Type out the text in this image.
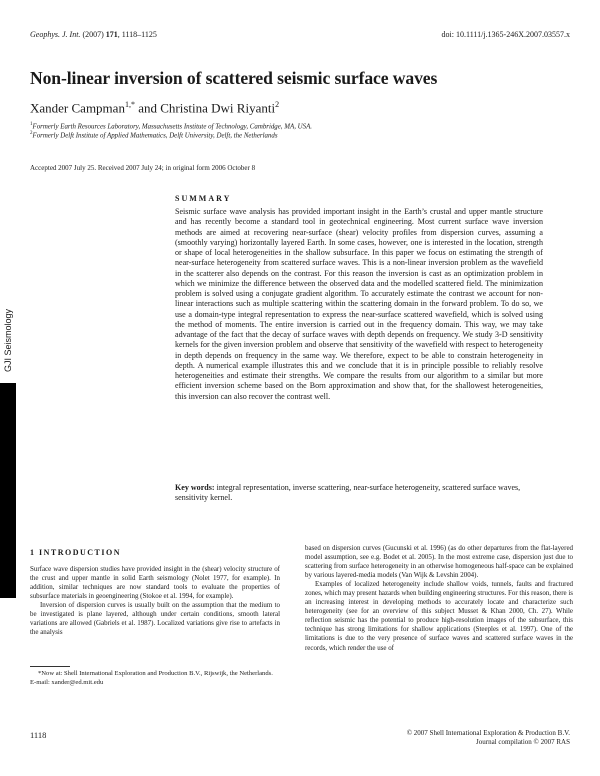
Geophys. J. Int. (2007) 171, 1118–1125	doi: 10.1111/j.1365-246X.2007.03557.x
Non-linear inversion of scattered seismic surface waves
Xander Campman$^{1,*}$ and Christina Dwi Riyanti$^2$
$^1$Formerly Earth Resources Laboratory, Massachusetts Institute of Technology, Cambridge, MA, USA.
$^2$Formerly Delft Institute of Applied Mathematics, Delft University, Delft, the Netherlands
Accepted 2007 July 25. Received 2007 July 24; in original form 2006 October 8
GJI Seismology
SUMMARY
Seismic surface wave analysis has provided important insight in the Earth’s crustal and upper mantle structure and has recently become a standard tool in geotechnical engineering. Most current surface wave inversion methods are aimed at recovering near-surface (shear) velocity profiles from dispersion curves, assuming a (smoothly varying) horizontally layered Earth. In some cases, however, one is interested in the location, strength or shape of local heterogeneities in the shallow subsurface. In this paper we focus on estimating the strength of near-surface heterogeneity from scattered surface waves. This is a non-linear inversion problem as the wavefield in the scatterer also depends on the contrast. For this reason the inversion is cast as an optimization problem in which we minimize the difference between the observed data and the modelled scattered field. The minimization problem is solved using a conjugate gradient algorithm. To accurately estimate the contrast we account for non-linear interactions such as multiple scattering within the scattering domain in the forward problem. To do so, we use a domain-type integral representation to express the near-surface scattered wavefield, which is solved using the method of moments. The entire inversion is carried out in the frequency domain. This way, we may take advantage of the fact that the decay of surface waves with depth depends on frequency. We study 3-D sensitivity kernels for the given inversion problem and observe that sensitivity of the wavefield with respect to heterogeneity in depth depends on frequency in the same way. We therefore, expect to be able to constrain heterogeneity in depth. A numerical example illustrates this and we conclude that it is in principle possible to reliably resolve heterogeneities and estimate their strengths. We compare the results from our algorithm to a similar but more efficient inversion scheme based on the Born approximation and show that, for the shallowest heterogeneities, this inversion can also recover the contrast well.
Key words: integral representation, inverse scattering, near-surface heterogeneity, scattered surface waves, sensitivity kernel.
1 INTRODUCTION

Surface wave dispersion studies have provided insight in the (shear) velocity structure of the crust and upper mantle in solid Earth seismology (Nolet 1977, for example). In addition, similar techniques are now standard tools to evaluate the properties of subsurface materials in geoengineering (Stokoe et al. 1994, for example).

Inversion of dispersion curves is usually built on the assumption that the medium to be investigated is plane layered, although under certain conditions, smooth lateral variations are allowed (Gabriels et al. 1987). Localized variations give rise to artefacts in the analysis

based on dispersion curves (Gucunski et al. 1996) (as do other departures from the flat-layered model assumption, see e.g. Bodet et al. 2005). In the most extreme case, dispersion just due to scattering from surface heterogeneity in an otherwise homogeneous half-space can be explained by various layered-media models (Van Wijk & Levshin 2004).

Examples of localized heterogeneity include shallow voids, tunnels, faults and fractured zones, which may present hazards when building engineering structures. For this reason, there is an increasing interest in developing methods to accurately locate and characterize such heterogeneity (see for an overview of this subject Musset & Khan 2000, Ch. 27). While reflection seismic has the potential to produce high-resolution images of the subsurface, this technique has strong limitations for shallow applications (Steeples et al. 1997). One of the limitations is due to the very presence of surface waves and scattered surface waves in the records, which render the use of

*Now at: Shell International Exploration and Production B.V., Rijswijk, the Netherlands. E-mail: xander@ed.mit.edu

1118	© 2007 Shell International Exploration & Production B.V.
Journal compilation © 2007 RAS
